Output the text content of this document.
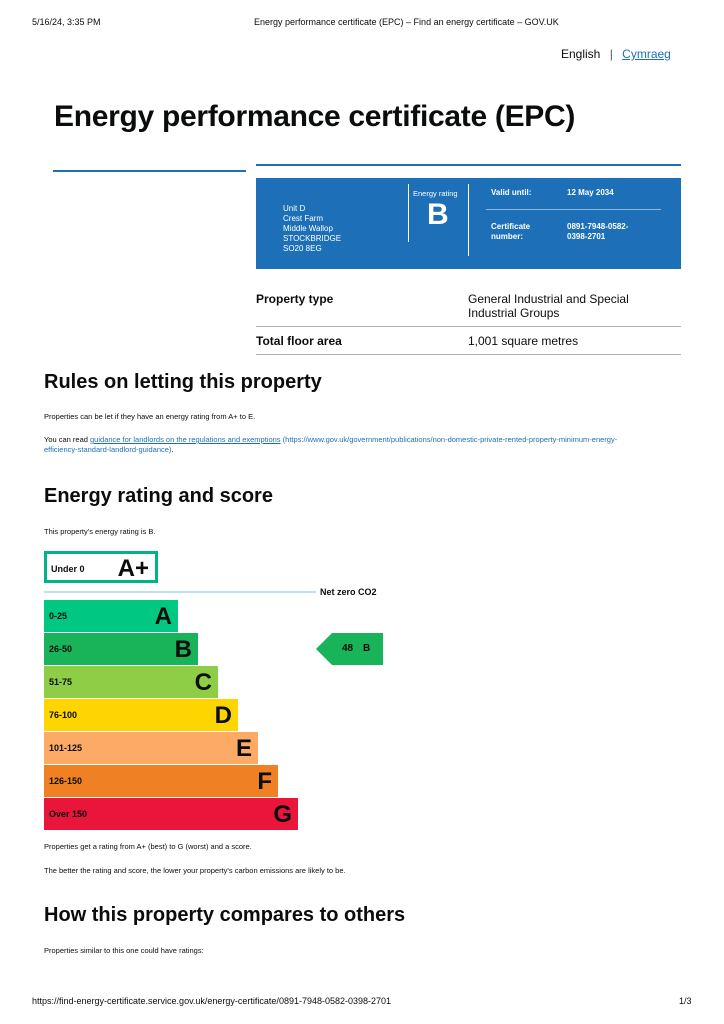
5/16/24, 3:35 PM	Energy performance certificate (EPC) – Find an energy certificate – GOV.UK
English | Cymraeg
Energy performance certificate (EPC)
Unit D
Crest Farm
Middle Wallop
STOCKBRIDGE
SO20 8EG
Energy rating
B
Valid until:	12 May 2034
Certificate
number:
0891-7948-0582-
0398-2701
Property type	General Industrial and Special
Industrial Groups
Total floor area	1,001 square metres
Rules on letting this property
Properties can be let if they have an energy rating from A+ to E.
You can read guidance for landlords on the regulations and exemptions (https://www.gov.uk/government/publications/non-domestic-private-rented-property-minimum-energy-
efficiency-standard-landlord-guidance).
Energy rating and score
This property's energy rating is B.
Under 0 A+
Net zero CO2
0-25	A
26-50	B
51-75	C
76-100	D
101-125	E
126-150	F
Over 150	G
48 B
Properties get a rating from A+ (best) to G (worst) and a score.
The better the rating and score, the lower your property's carbon emissions are likely to be.
How this property compares to others
Properties similar to this one could have ratings:
https://find-energy-certificate.service.gov.uk/energy-certificate/0891-7948-0582-0398-2701	1/3
